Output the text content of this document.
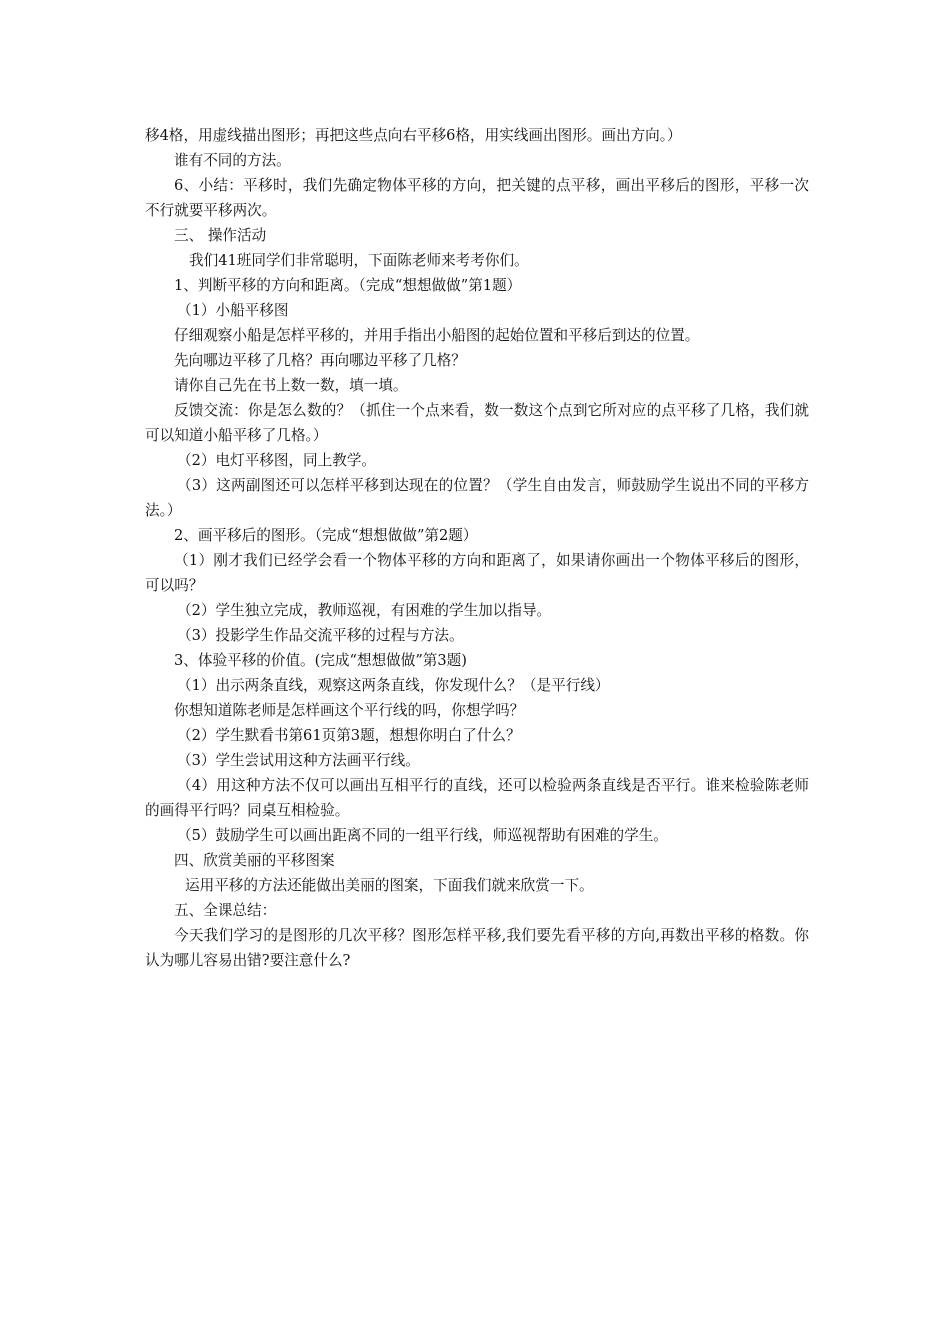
移4格，用虚线描出图形；再把这些点向右平移6格，用实线画出图形。画出方向。）

谁有不同的方法。

6、小结：平移时，我们先确定物体平移的方向，把关键的点平移，画出平移后的图形，平移一次不行就要平移两次。

三、 操作活动

我们41班同学们非常聪明，下面陈老师来考考你们。

1、判断平移的方向和距离。（完成“想想做做”第1题）

（1）小船平移图

仔细观察小船是怎样平移的，并用手指出小船图的起始位置和平移后到达的位置。

先向哪边平移了几格？再向哪边平移了几格？

请你自己先在书上数一数，填一填。

反馈交流：你是怎么数的？（抓住一个点来看，数一数这个点到它所对应的点平移了几格，我们就可以知道小船平移了几格。）

（2）电灯平移图，同上教学。

（3）这两副图还可以怎样平移到达现在的位置？（学生自由发言，师鼓励学生说出不同的平移方法。）

2、画平移后的图形。（完成“想想做做”第2题）

（1）刚才我们已经学会看一个物体平移的方向和距离了，如果请你画出一个物体平移后的图形，可以吗？

（2）学生独立完成，教师巡视，有困难的学生加以指导。

（3）投影学生作品交流平移的过程与方法。

3、体验平移的价值。(完成“想想做做”第3题)

（1）出示两条直线，观察这两条直线，你发现什么？（是平行线）

你想知道陈老师是怎样画这个平行线的吗，你想学吗？

（2）学生默看书第61页第3题，想想你明白了什么？

（3）学生尝试用这种方法画平行线。

（4）用这种方法不仅可以画出互相平行的直线，还可以检验两条直线是否平行。谁来检验陈老师的画得平行吗？同桌互相检验。

（5）鼓励学生可以画出距离不同的一组平行线，师巡视帮助有困难的学生。

四、欣赏美丽的平移图案

运用平移的方法还能做出美丽的图案，下面我们就来欣赏一下。

五、全课总结：

今天我们学习的是图形的几次平移？图形怎样平移,我们要先看平移的方向,再数出平移的格数。你认为哪儿容易出错?要注意什么?
